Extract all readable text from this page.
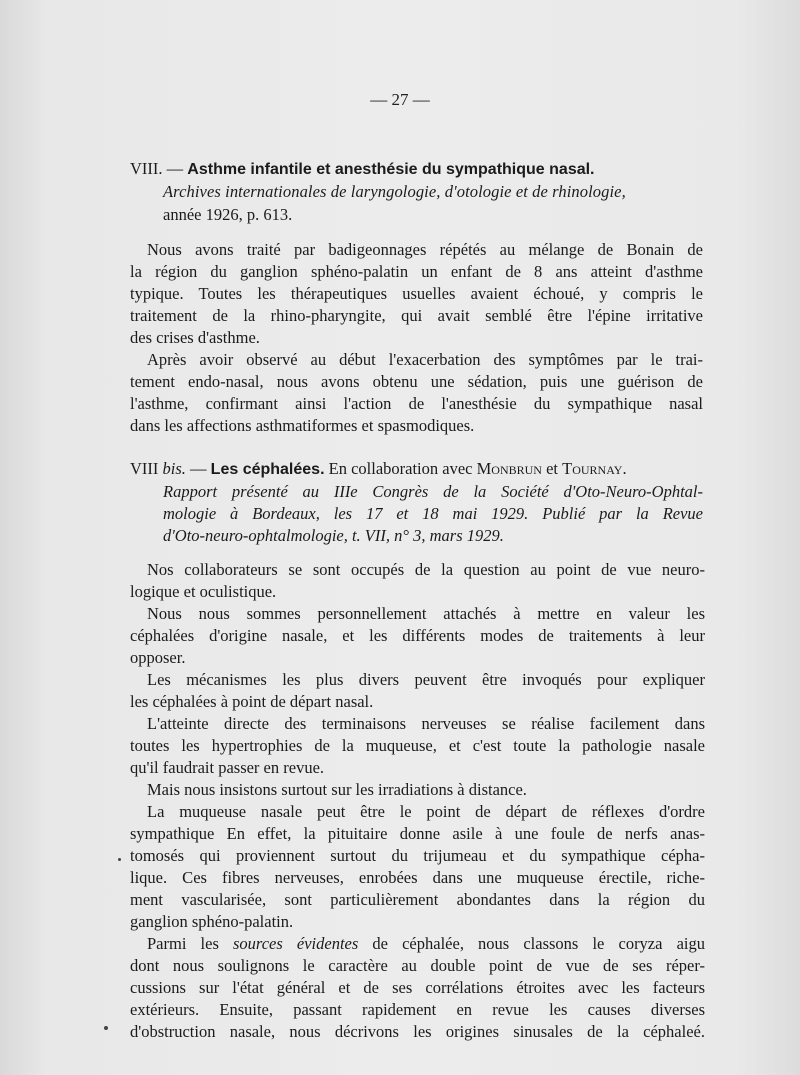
— 27 —
VIII. — Asthme infantile et anesthésie du sympathique nasal.
Archives internationales de laryngologie, d'otologie et de rhinologie,
année 1926, p. 613.
Nous avons traité par badigeonnages répétés au mélange de Bonain de
la région du ganglion sphéno-palatin un enfant de 8 ans atteint d'asthme
typique. Toutes les thérapeutiques usuelles avaient échoué, y compris le
traitement de la rhino-pharyngite, qui avait semblé être l'épine irritative
des crises d'asthme.
Après avoir observé au début l'exacerbation des symptômes par le trai-
tement endo-nasal, nous avons obtenu une sédation, puis une guérison de
l'asthme, confirmant ainsi l'action de l'anesthésie du sympathique nasal
dans les affections asthmatiformes et spasmodiques.
VIII bis. — Les céphalées. En collaboration avec Monbrun et Tournay.
Rapport présenté au IIIe Congrès de la Société d'Oto-Neuro-Ophtal-
mologie à Bordeaux, les 17 et 18 mai 1929. Publié par la Revue
d'Oto-neuro-ophtalmologie, t. VII, n° 3, mars 1929.
Nos collaborateurs se sont occupés de la question au point de vue neuro-
logique et oculistique.
Nous nous sommes personnellement attachés à mettre en valeur les
céphalées d'origine nasale, et les différents modes de traitements à leur
opposer.
Les mécanismes les plus divers peuvent être invoqués pour expliquer
les céphalées à point de départ nasal.
L'atteinte directe des terminaisons nerveuses se réalise facilement dans
toutes les hypertrophies de la muqueuse, et c'est toute la pathologie nasale
qu'il faudrait passer en revue.
Mais nous insistons surtout sur les irradiations à distance.
La muqueuse nasale peut être le point de départ de réflexes d'ordre
sympathique En effet, la pituitaire donne asile à une foule de nerfs anas-
tomosés qui proviennent surtout du trijumeau et du sympathique cépha-
lique. Ces fibres nerveuses, enrobées dans une muqueuse érectile, riche-
ment vascularisée, sont particulièrement abondantes dans la région du
ganglion sphéno-palatin.
Parmi les sources évidentes de céphalée, nous classons le coryza aigu
dont nous soulignons le caractère au double point de vue de ses réper-
cussions sur l'état général et de ses corrélations étroites avec les facteurs
extérieurs. Ensuite, passant rapidement en revue les causes diverses
d'obstruction nasale, nous décrivons les origines sinusales de la céphaleé.
